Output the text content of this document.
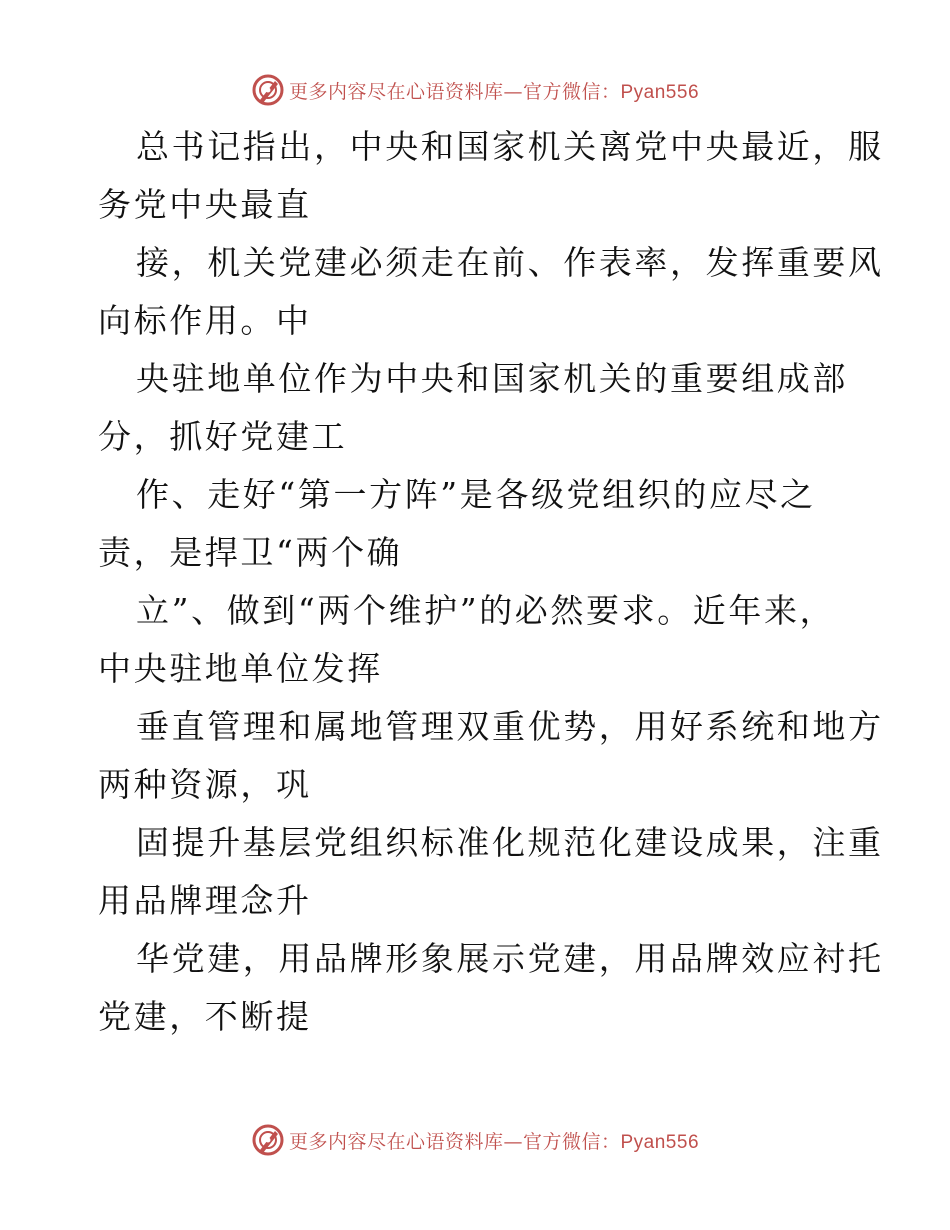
更多内容尽在心语资料库—官方微信：Pyan556
总书记指出，中央和国家机关离党中央最近，服
务党中央最直
接，机关党建必须走在前、作表率，发挥重要风
向标作用。中
央驻地单位作为中央和国家机关的重要组成部
分，抓好党建工
作、走好“第一方阵”是各级党组织的应尽之
责，是捍卫“两个确
立”、做到“两个维护”的必然要求。近年来，
中央驻地单位发挥
垂直管理和属地管理双重优势，用好系统和地方
两种资源，巩
固提升基层党组织标准化规范化建设成果，注重
用品牌理念升
华党建，用品牌形象展示党建，用品牌效应衬托
党建，不断提
更多内容尽在心语资料库—官方微信：Pyan556
